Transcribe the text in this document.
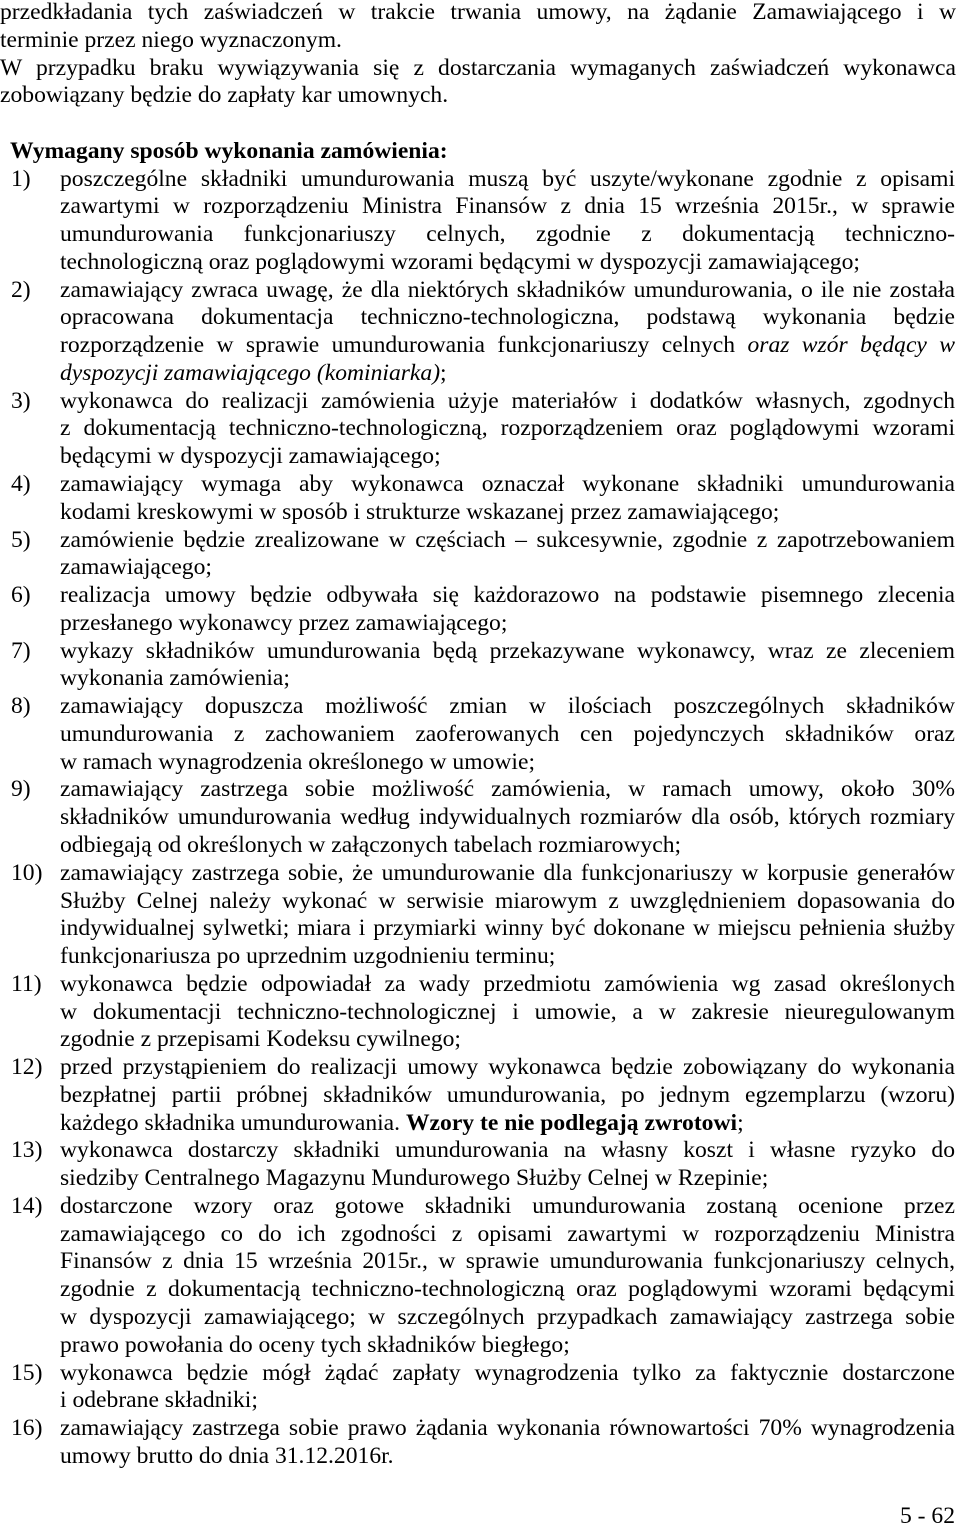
przedkładania tych zaświadczeń w trakcie trwania umowy, na żądanie Zamawiającego i w
terminie przez niego wyznaczonym.
W przypadku braku wywiązywania się z dostarczania wymaganych zaświadczeń wykonawca
zobowiązany będzie do zapłaty kar umownych.
Wymagany sposób wykonania zamówienia:
1) poszczególne składniki umundurowania muszą być uszyte/wykonane zgodnie z opisami
zawartymi w rozporządzeniu Ministra Finansów z dnia 15 września 2015r., w sprawie
umundurowania funkcjonariuszy celnych, zgodnie z dokumentacją techniczno-
technologiczną oraz poglądowymi wzorami będącymi w dyspozycji zamawiającego;
2) zamawiający zwraca uwagę, że dla niektórych składników umundurowania, o ile nie została
opracowana dokumentacja techniczno-technologiczna, podstawą wykonania będzie
rozporządzenie w sprawie umundurowania funkcjonariuszy celnych oraz wzór będący w
dyspozycji zamawiającego (kominiarka);
3) wykonawca do realizacji zamówienia użyje materiałów i dodatków własnych, zgodnych
z dokumentacją techniczno-technologiczną, rozporządzeniem oraz poglądowymi wzorami
będącymi w dyspozycji zamawiającego;
4) zamawiający wymaga aby wykonawca oznaczał wykonane składniki umundurowania
kodami kreskowymi w sposób i strukturze wskazanej przez zamawiającego;
5) zamówienie będzie zrealizowane w częściach – sukcesywnie, zgodnie z zapotrzebowaniem
zamawiającego;
6) realizacja umowy będzie odbywała się każdorazowo na podstawie pisemnego zlecenia
przesłanego wykonawcy przez zamawiającego;
7) wykazy składników umundurowania będą przekazywane wykonawcy, wraz ze zleceniem
wykonania zamówienia;
8) zamawiający dopuszcza możliwość zmian w ilościach poszczególnych składników
umundurowania z zachowaniem zaoferowanych cen pojedynczych składników oraz
w ramach wynagrodzenia określonego w umowie;
9) zamawiający zastrzega sobie możliwość zamówienia, w ramach umowy, około 30%
składników umundurowania według indywidualnych rozmiarów dla osób, których rozmiary
odbiegają od określonych w załączonych tabelach rozmiarowych;
10) zamawiający zastrzega sobie, że umundurowanie dla funkcjonariuszy w korpusie generałów
Służby Celnej należy wykonać w serwisie miarowym z uwzględnieniem dopasowania do
indywidualnej sylwetki; miara i przymiarki winny być dokonane w miejscu pełnienia służby
funkcjonariusza po uprzednim uzgodnieniu terminu;
11) wykonawca będzie odpowiadał za wady przedmiotu zamówienia wg zasad określonych
w dokumentacji techniczno-technologicznej i umowie, a w zakresie nieuregulowanym
zgodnie z przepisami Kodeksu cywilnego;
12) przed przystąpieniem do realizacji umowy wykonawca będzie zobowiązany do wykonania
bezpłatnej partii próbnej składników umundurowania, po jednym egzemplarzu (wzoru)
każdego składnika umundurowania. Wzory te nie podlegają zwrotowi;
13) wykonawca dostarczy składniki umundurowania na własny koszt i własne ryzyko do
siedziby Centralnego Magazynu Mundurowego Służby Celnej w Rzepinie;
14) dostarczone wzory oraz gotowe składniki umundurowania zostaną ocenione przez
zamawiającego co do ich zgodności z opisami zawartymi w rozporządzeniu Ministra
Finansów z dnia 15 września 2015r., w sprawie umundurowania funkcjonariuszy celnych,
zgodnie z dokumentacją techniczno-technologiczną oraz poglądowymi wzorami będącymi
w dyspozycji zamawiającego; w szczególnych przypadkach zamawiający zastrzega sobie
prawo powołania do oceny tych składników biegłego;
15) wykonawca będzie mógł żądać zapłaty wynagrodzenia tylko za faktycznie dostarczone
i odebrane składniki;
16) zamawiający zastrzega sobie prawo żądania wykonania równowartości 70% wynagrodzenia
umowy brutto do dnia 31.12.2016r.
5 - 62
